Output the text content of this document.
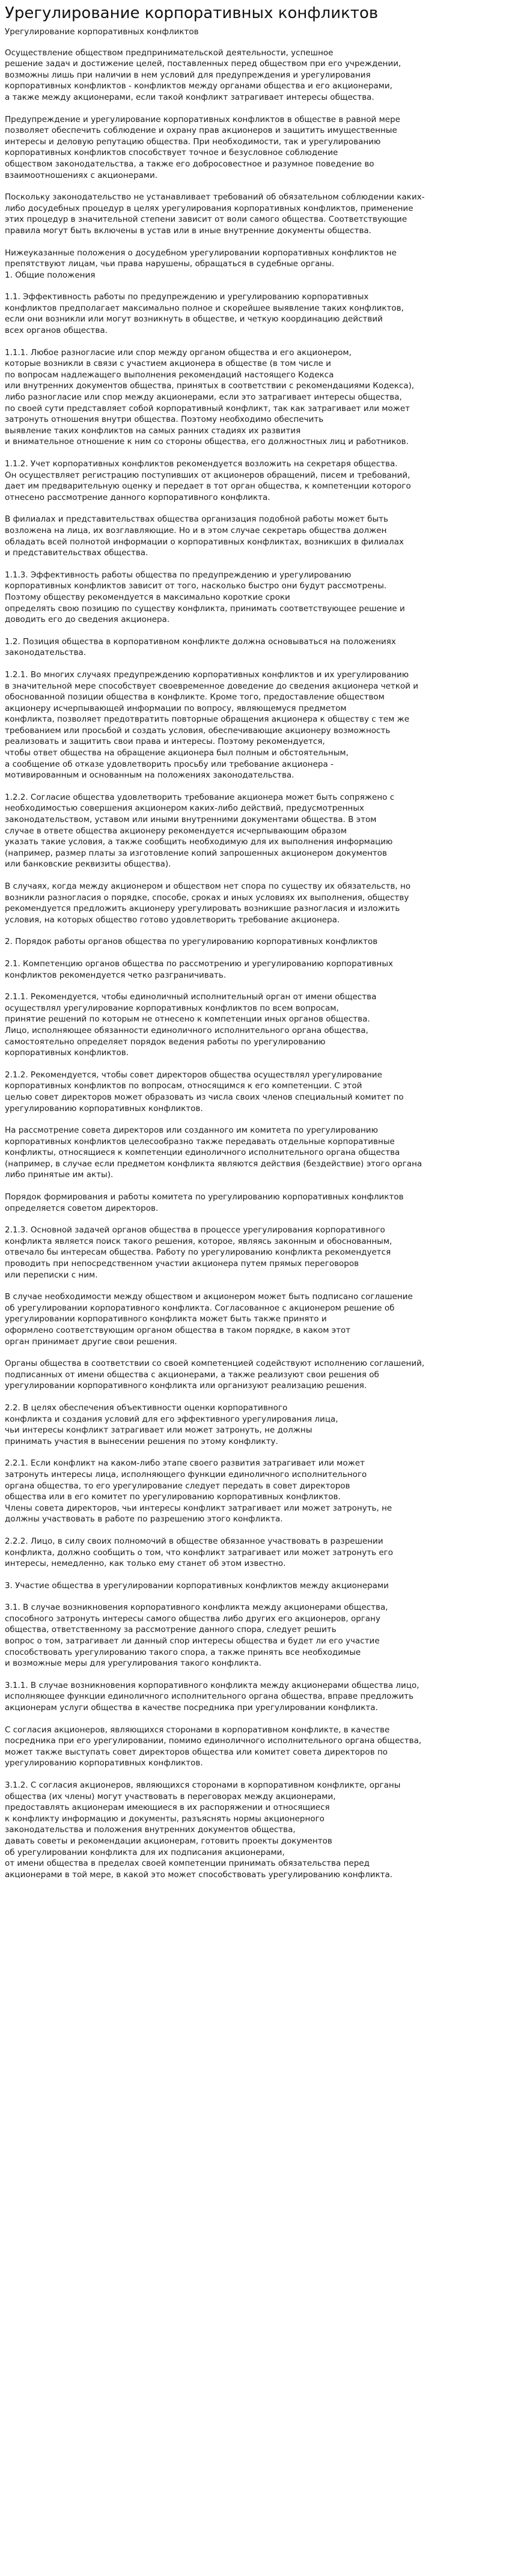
Урегулирование корпоративных конфликтов
Урегулирование корпоративных конфликтов

Осуществление обществом предпринимательской деятельности, успешное
решение задач и достижение целей, поставленных перед обществом при его учреждении,
возможны лишь при наличии в нем условий для предупреждения и урегулирования
корпоративных конфликтов - конфликтов между органами общества и его акционерами,
а также между акционерами, если такой конфликт затрагивает интересы общества.

Предупреждение и урегулирование корпоративных конфликтов в обществе в равной мере
позволяет обеспечить соблюдение и охрану прав акционеров и защитить имущественные
интересы и деловую репутацию общества. При необходимости, так и урегулированию
корпоративных конфликтов способствует точное и безусловное соблюдение
обществом законодательства, а также его добросовестное и разумное поведение во
взаимоотношениях с акционерами.

Поскольку законодательство не устанавливает требований об обязательном соблюдении каких-
либо досудебных процедур в целях урегулирования корпоративных конфликтов, применение
этих процедур в значительной степени зависит от воли самого общества. Соответствующие
правила могут быть включены в устав или в иные внутренние документы общества.

Нижеуказанные положения о досудебном урегулировании корпоративных конфликтов не
препятствуют лицам, чьи права нарушены, обращаться в судебные органы.
1. Общие положения

1.1. Эффективность работы по предупреждению и урегулированию корпоративных
конфликтов предполагает максимально полное и скорейшее выявление таких конфликтов,
если они возникли или могут возникнуть в обществе, и четкую координацию действий
всех органов общества.

1.1.1. Любое разногласие или спор между органом общества и его акционером,
которые возникли в связи с участием акционера в обществе (в том числе и
по вопросам надлежащего выполнения рекомендаций настоящего Кодекса
или внутренних документов общества, принятых в соответствии с рекомендациями Кодекса),
либо разногласие или спор между акционерами, если это затрагивает интересы общества,
по своей сути представляет собой корпоративный конфликт, так как затрагивает или может
затронуть отношения внутри общества. Поэтому необходимо обеспечить
выявление таких конфликтов на самых ранних стадиях их развития
и внимательное отношение к ним со стороны общества, его должностных лиц и работников.

1.1.2. Учет корпоративных конфликтов рекомендуется возложить на секретаря общества.
Он осуществляет регистрацию поступивших от акционеров обращений, писем и требований,
дает им предварительную оценку и передает в тот орган общества, к компетенции которого
отнесено рассмотрение данного корпоративного конфликта.

В филиалах и представительствах общества организация подобной работы может быть
возложена на лица, их возглавляющие. Но и в этом случае секретарь общества должен
обладать всей полнотой информации о корпоративных конфликтах, возникших в филиалах
и представительствах общества.

1.1.3. Эффективность работы общества по предупреждению и урегулированию
корпоративных конфликтов зависит от того, насколько быстро они будут рассмотрены.
Поэтому обществу рекомендуется в максимально короткие сроки
определять свою позицию по существу конфликта, принимать соответствующее решение и
доводить его до сведения акционера.

1.2. Позиция общества в корпоративном конфликте должна основываться на положениях
законодательства.

1.2.1. Во многих случаях предупреждению корпоративных конфликтов и их урегулированию
в значительной мере способствует своевременное доведение до сведения акционера четкой и
обоснованной позиции общества в конфликте. Кроме того, предоставление обществом
акционеру исчерпывающей информации по вопросу, являющемуся предметом
конфликта, позволяет предотвратить повторные обращения акционера к обществу с тем же
требованием или просьбой и создать условия, обеспечивающие акционеру возможность
реализовать и защитить свои права и интересы. Поэтому рекомендуется,
чтобы ответ общества на обращение акционера был полным и обстоятельным,
а сообщение об отказе удовлетворить просьбу или требование акционера -
мотивированным и основанным на положениях законодательства.

1.2.2. Согласие общества удовлетворить требование акционера может быть сопряжено с
необходимостью совершения акционером каких-либо действий, предусмотренных
законодательством, уставом или иными внутренними документами общества. В этом
случае в ответе общества акционеру рекомендуется исчерпывающим образом
указать такие условия, а также сообщить необходимую для их выполнения информацию
(например, размер платы за изготовление копий запрошенных акционером документов
или банковские реквизиты общества).

В случаях, когда между акционером и обществом нет спора по существу их обязательств, но
возникли разногласия о порядке, способе, сроках и иных условиях их выполнения, обществу
рекомендуется предложить акционеру урегулировать возникшие разногласия и изложить
условия, на которых общество готово удовлетворить требование акционера.

2. Порядок работы органов общества по урегулированию корпоративных конфликтов

2.1. Компетенцию органов общества по рассмотрению и урегулированию корпоративных
конфликтов рекомендуется четко разграничивать.

2.1.1. Рекомендуется, чтобы единоличный исполнительный орган от имени общества
осуществлял урегулирование корпоративных конфликтов по всем вопросам,
принятие решений по которым не отнесено к компетенции иных органов общества.
Лицо, исполняющее обязанности единоличного исполнительного органа общества,
самостоятельно определяет порядок ведения работы по урегулированию
корпоративных конфликтов.

2.1.2. Рекомендуется, чтобы совет директоров общества осуществлял урегулирование
корпоративных конфликтов по вопросам, относящимся к его компетенции. С этой
целью совет директоров может образовать из числа своих членов специальный комитет по
урегулированию корпоративных конфликтов.

На рассмотрение совета директоров или созданного им комитета по урегулированию
корпоративных конфликтов целесообразно также передавать отдельные корпоративные
конфликты, относящиеся к компетенции единоличного исполнительного органа общества
(например, в случае если предметом конфликта являются действия (бездействие) этого органа
либо принятые им акты).

Порядок формирования и работы комитета по урегулированию корпоративных конфликтов
определяется советом директоров.

2.1.3. Основной задачей органов общества в процессе урегулирования корпоративного
конфликта является поиск такого решения, которое, являясь законным и обоснованным,
отвечало бы интересам общества. Работу по урегулированию конфликта рекомендуется
проводить при непосредственном участии акционера путем прямых переговоров
или переписки с ним.

В случае необходимости между обществом и акционером может быть подписано соглашение
об урегулировании корпоративного конфликта. Согласованное с акционером решение об
урегулировании корпоративного конфликта может быть также принято и
оформлено соответствующим органом общества в таком порядке, в каком этот
орган принимает другие свои решения.

Органы общества в соответствии со своей компетенцией содействуют исполнению соглашений,
подписанных от имени общества с акционерами, а также реализуют свои решения об
урегулировании корпоративного конфликта или организуют реализацию решения.

2.2. В целях обеспечения объективности оценки корпоративного
конфликта и создания условий для его эффективного урегулирования лица,
чьи интересы конфликт затрагивает или может затронуть, не должны
принимать участия в вынесении решения по этому конфликту.

2.2.1. Если конфликт на каком-либо этапе своего развития затрагивает или может
затронуть интересы лица, исполняющего функции единоличного исполнительного
органа общества, то его урегулирование следует передать в совет директоров
общества или в его комитет по урегулированию корпоративных конфликтов.
Члены совета директоров, чьи интересы конфликт затрагивает или может затронуть, не
должны участвовать в работе по разрешению этого конфликта.

2.2.2. Лицо, в силу своих полномочий в обществе обязанное участвовать в разрешении
конфликта, должно сообщить о том, что конфликт затрагивает или может затронуть его
интересы, немедленно, как только ему станет об этом известно.

3. Участие общества в урегулировании корпоративных конфликтов между акционерами

3.1. В случае возникновения корпоративного конфликта между акционерами общества,
способного затронуть интересы самого общества либо других его акционеров, органу
общества, ответственному за рассмотрение данного спора, следует решить
вопрос о том, затрагивает ли данный спор интересы общества и будет ли его участие
способствовать урегулированию такого спора, а также принять все необходимые
и возможные меры для урегулирования такого конфликта.

3.1.1. В случае возникновения корпоративного конфликта между акционерами общества лицо,
исполняющее функции единоличного исполнительного органа общества, вправе предложить
акционерам услуги общества в качестве посредника при урегулировании конфликта.

С согласия акционеров, являющихся сторонами в корпоративном конфликте, в качестве
посредника при его урегулировании, помимо единоличного исполнительного органа общества,
может также выступать совет директоров общества или комитет совета директоров по
урегулированию корпоративных конфликтов.

3.1.2. С согласия акционеров, являющихся сторонами в корпоративном конфликте, органы
общества (их члены) могут участвовать в переговорах между акционерами,
предоставлять акционерам имеющиеся в их распоряжении и относящиеся
к конфликту информацию и документы, разъяснять нормы акционерного
законодательства и положения внутренних документов общества,
давать советы и рекомендации акционерам, готовить проекты документов
об урегулировании конфликта для их подписания акционерами,
от имени общества в пределах своей компетенции принимать обязательства перед
акционерами в той мере, в какой это может способствовать урегулированию конфликта.
